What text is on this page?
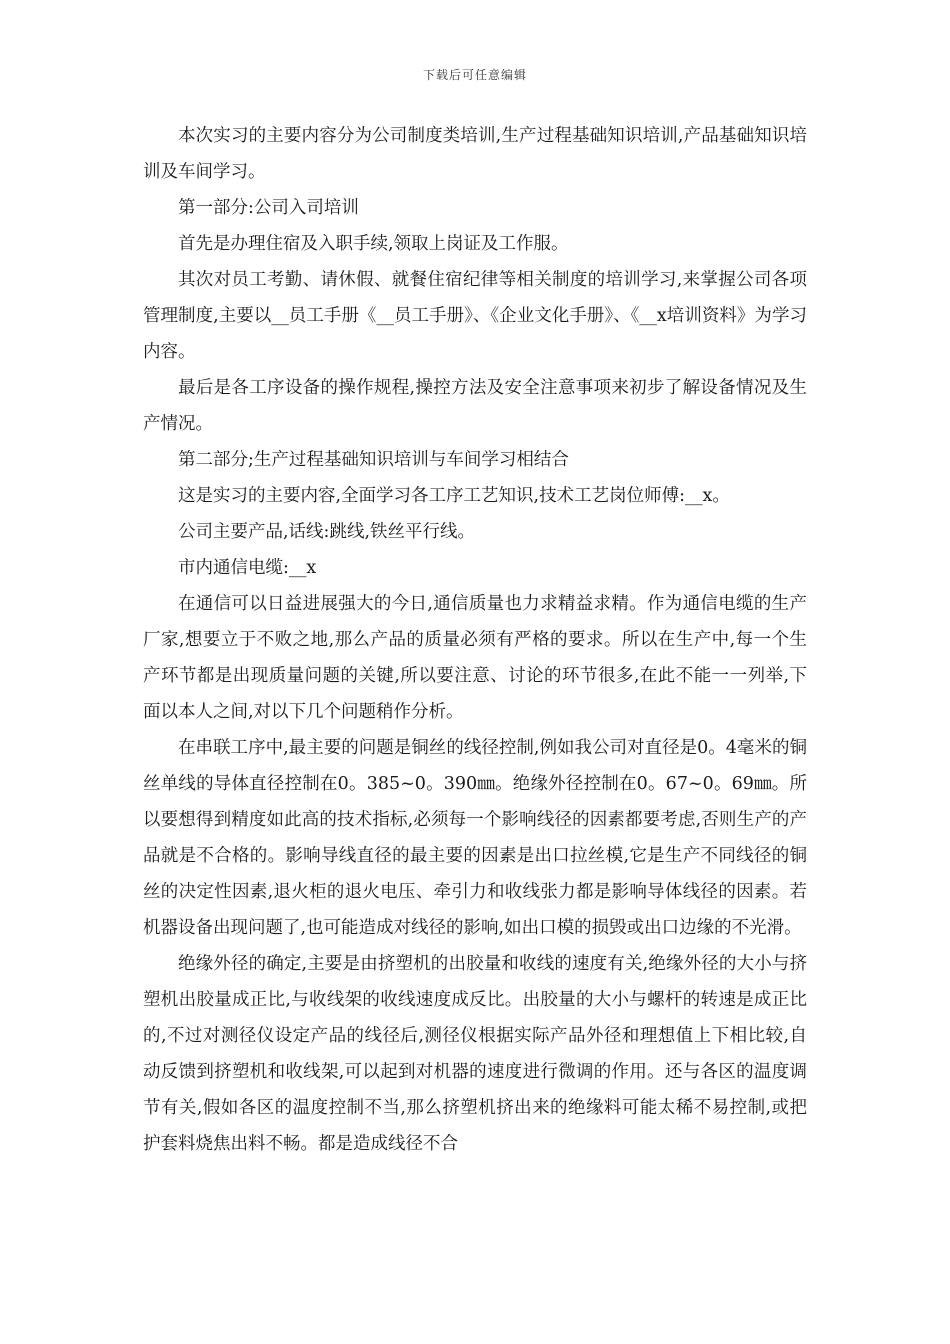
下载后可任意编辑

本次实习的主要内容分为公司制度类培训,生产过程基础知识培训,产品基础知识培训及车间学习。

第一部分:公司入司培训

首先是办理住宿及入职手续,领取上岗证及工作服。

其次对员工考勤、请休假、就餐住宿纪律等相关制度的培训学习,来掌握公司各项管理制度,主要以__员工手册《__员工手册》、《企业文化手册》、《__x培训资料》为学习内容。

最后是各工序设备的操作规程,操控方法及安全注意事项来初步了解设备情况及生产情况。

第二部分;生产过程基础知识培训与车间学习相结合

这是实习的主要内容,全面学习各工序工艺知识,技术工艺岗位师傅:__x。

公司主要产品,话线:跳线,铁丝平行线。

市内通信电缆:__x

在通信可以日益进展强大的今日,通信质量也力求精益求精。作为通信电缆的生产厂家,想要立于不败之地,那么产品的质量必须有严格的要求。所以在生产中,每一个生产环节都是出现质量问题的关键,所以要注意、讨论的环节很多,在此不能一一列举,下面以本人之间,对以下几个问题稍作分析。

在串联工序中,最主要的问题是铜丝的线径控制,例如我公司对直径是0。4毫米的铜丝单线的导体直径控制在0。385~0。390㎜。绝缘外径控制在0。67~0。69㎜。所以要想得到精度如此高的技术指标,必须每一个影响线径的因素都要考虑,否则生产的产品就是不合格的。影响导线直径的最主要的因素是出口拉丝模,它是生产不同线径的铜丝的决定性因素,退火柜的退火电压、牵引力和收线张力都是影响导体线径的因素。若机器设备出现问题了,也可能造成对线径的影响,如出口模的损毁或出口边缘的不光滑。

绝缘外径的确定,主要是由挤塑机的出胶量和收线的速度有关,绝缘外径的大小与挤塑机出胶量成正比,与收线架的收线速度成反比。出胶量的大小与螺杆的转速是成正比的,不过对测径仪设定产品的线径后,测径仪根据实际产品外径和理想值上下相比较,自动反馈到挤塑机和收线架,可以起到对机器的速度进行微调的作用。还与各区的温度调节有关,假如各区的温度控制不当,那么挤塑机挤出来的绝缘料可能太稀不易控制,或把护套料烧焦出料不畅。都是造成线径不合
